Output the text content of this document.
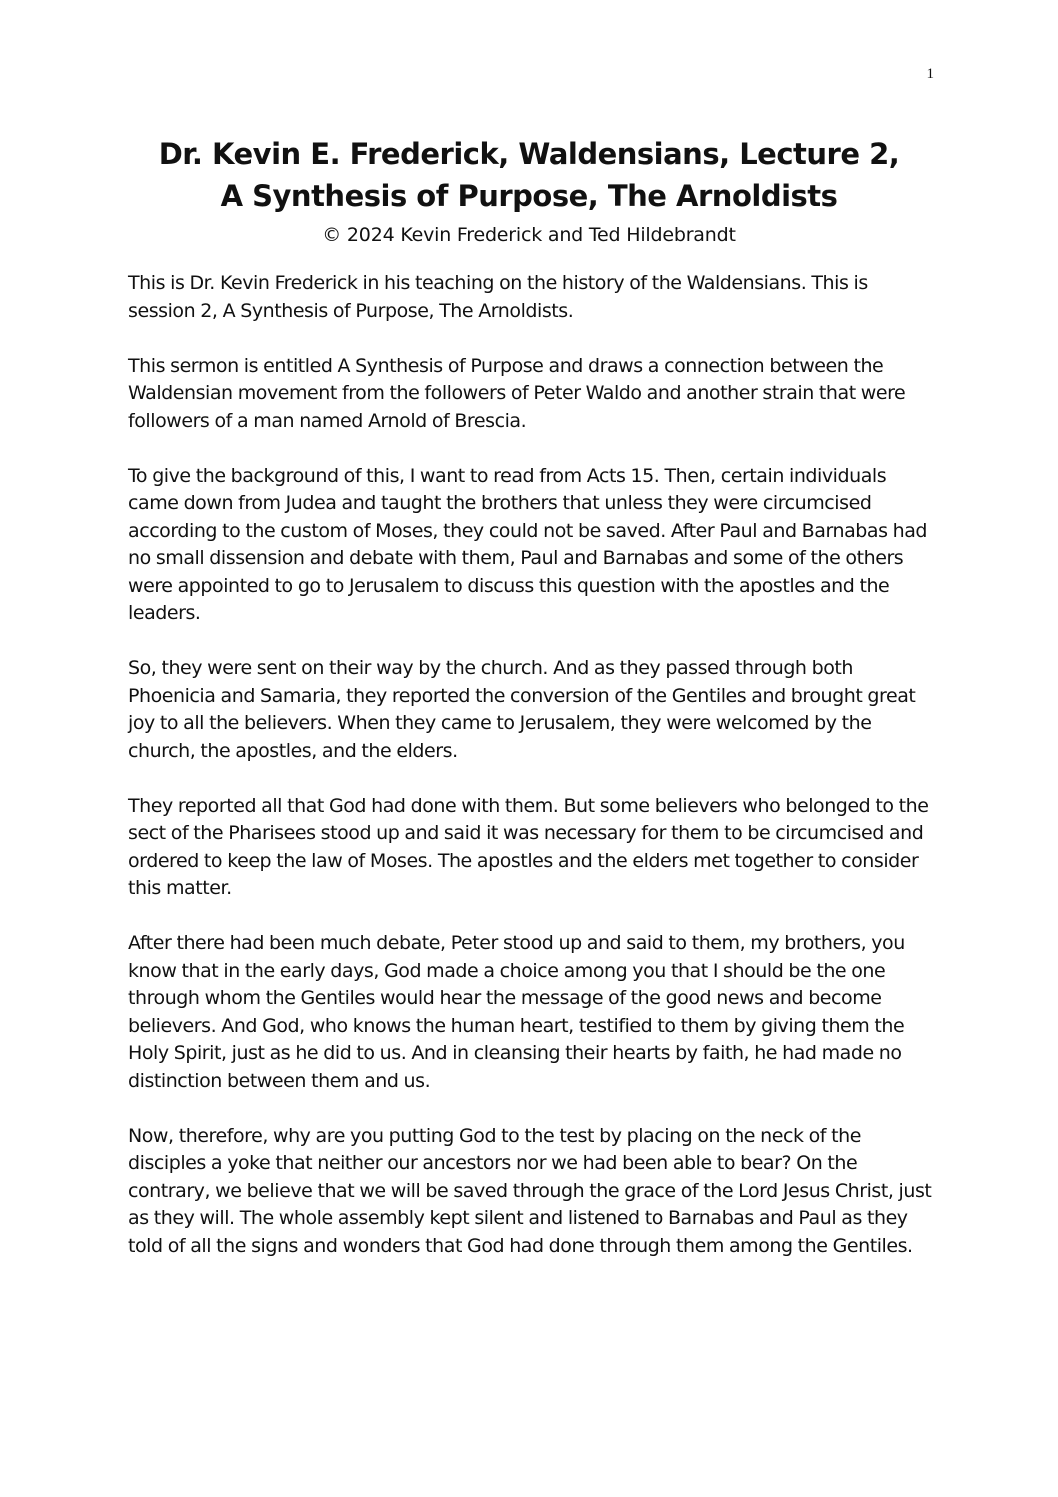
1
Dr. Kevin E. Frederick, Waldensians, Lecture 2,
A Synthesis of Purpose, The Arnoldists
© 2024 Kevin Frederick and Ted Hildebrandt

This is Dr. Kevin Frederick in his teaching on the history of the Waldensians. This is session 2, A Synthesis of Purpose, The Arnoldists.

This sermon is entitled A Synthesis of Purpose and draws a connection between the Waldensian movement from the followers of Peter Waldo and another strain that were followers of a man named Arnold of Brescia.

To give the background of this, I want to read from Acts 15. Then, certain individuals came down from Judea and taught the brothers that unless they were circumcised according to the custom of Moses, they could not be saved. After Paul and Barnabas had no small dissension and debate with them, Paul and Barnabas and some of the others were appointed to go to Jerusalem to discuss this question with the apostles and the leaders.

So, they were sent on their way by the church. And as they passed through both Phoenicia and Samaria, they reported the conversion of the Gentiles and brought great joy to all the believers. When they came to Jerusalem, they were welcomed by the church, the apostles, and the elders.

They reported all that God had done with them. But some believers who belonged to the sect of the Pharisees stood up and said it was necessary for them to be circumcised and ordered to keep the law of Moses. The apostles and the elders met together to consider this matter.

After there had been much debate, Peter stood up and said to them, my brothers, you know that in the early days, God made a choice among you that I should be the one through whom the Gentiles would hear the message of the good news and become believers. And God, who knows the human heart, testified to them by giving them the Holy Spirit, just as he did to us. And in cleansing their hearts by faith, he had made no distinction between them and us.

Now, therefore, why are you putting God to the test by placing on the neck of the disciples a yoke that neither our ancestors nor we had been able to bear? On the contrary, we believe that we will be saved through the grace of the Lord Jesus Christ, just as they will. The whole assembly kept silent and listened to Barnabas and Paul as they told of all the signs and wonders that God had done through them among the Gentiles.
